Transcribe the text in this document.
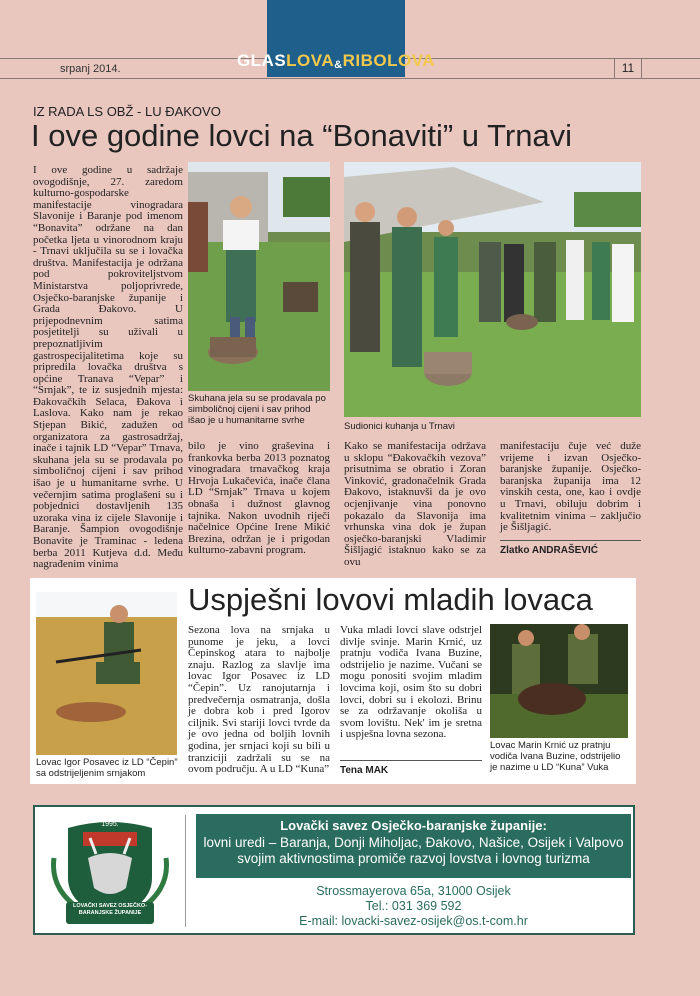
GLAS LOVA & RIBOLOVA
srpanj 2014.	11
IZ RADA LS OBŽ - LU ĐAKOVO
I ove godine lovci na “Bonaviti” u Trnavi

I ove godine u sadržaje ovogodišnje, 27. zaredom kulturno-gospodarske manifestacije vinogradara Slavonije i Baranje pod imenom “Bonavita” održane na dan početka ljeta u vinorodnom kraju - Trnavi uključila su se i lovačka društva. Manifestacija je održana pod pokroviteljstvom Ministarstva poljoprivrede, Osječko-baranjske županije i Grada Đakovo. U prijepodnevnim satima posjetitelji su uživali u prepoznatljivim gastrospecijalitetima koje su pripredila lovačka društva s općine Tranava “Vepar” i “Srnjak”, te iz susjednih mjesta: Đakovačkih Selaca, Đakova i Laslova. Kako nam je rekao Stjepan Bikić, zadužen od organizatora za gastrosadržaj, inače i tajnik LD “Vepar” Trnava, skuhana jela su se prodavala po simboličnoj cijeni i sav prihod išao je u humanitarne svrhe. U večernjim satima proglašeni su i pobjednici dostavljenih 135 uzoraka vina iz cijele Slavonije i Baranje. Šampion ovogodišnje Bonavite je Traminac - ledena berba 2011 Kutjeva d.d. Među nagrađenim vinima

Skuhana jela su se prodavala po simboličnoj cijeni i sav prihod išao je u humanitarne svrhe
Sudionici kuhanja u Trnavi

bilo je vino graševina i frankovka berba 2013 poznatog vinogradara trnavačkog kraja Hrvoja Lukačevića, inače člana LD “Srnjak” Trnava u kojem obnaša i dužnost glavnog tajnika. Nakon uvodnih riječi načelnice Općine Irene Mikić Brezina, održan je i prigodan kulturno-zabavni program.

Kako se manifestacija održava u sklopu “Đakovačkih vezova” prisutnima se obratio i Zoran Vinković, gradonačelnik Grada Đakovo, istaknuvši da je ovo ocjenjivanje vina ponovno pokazalo da Slavonija ima vrhunska vina dok je župan osječko-baranjski Vladimir Šišljagić istaknuo kako se za ovu

manifestaciju čuje već duže vrijeme i izvan Osječko-baranjske županije. Osječko-baranjska županija ima 12 vinskih cesta, one, kao i ovdje u Trnavi, obiluju dobrim i kvalitetnim vinima – zaključio je Šišljagić.

Zlatko ANDRAŠEVIĆ
Uspješni lovovi mladih lovaca
Lovac Igor Posavec iz LD “Čepin” sa odstrijeljenim srnjakom

Sezona lova na srnjaka u punome je jeku, a lovci Čepinskog atara to najbolje znaju. Razlog za slavlje ima lovac Igor Posavec iz LD “Čepin”. Uz ranojutarnja i predvečernja osmatranja, došla je dobra kob i pred Igorov ciljnik. Svi stariji lovci tvrde da je ovo jedna od boljih lovnih godina, jer srnjaci koji su bili u tranziciji zadržali su se na ovom području. A u LD “Kuna”

Vuka mladi lovci slave odstrjel divlje svinje. Marin Krnić, uz pratnju vodiča Ivana Buzine, odstrijelio je nazime. Vučani se mogu ponositi svojim mladim lovcima koji, osim što su dobri lovci, dobri su i ekolozi. Brinu se za održavanje okoliša u svom lovištu. Nek' im je sretna i uspješna lovna sezona.

Tena MAK
Lovac Marin Krnić uz pratnju vodiča Ivana Buzine, odstrijelio je nazime u LD “Kuna” Vuka
1995.
LOVAČKI SAVEZ OSJEČKO-BARANJSKE ŽUPANIJE
Lovački savez Osječko-baranjske županije:
lovni uredi – Baranja, Donji Miholjac, Đakovo, Našice, Osijek i Valpovo
svojim aktivnostima promiče razvoj lovstva i lovnog turizma
Strossmayerova 65a, 31000 Osijek
Tel.: 031 369 592
E-mail: lovacki-savez-osijek@os.t-com.hr
